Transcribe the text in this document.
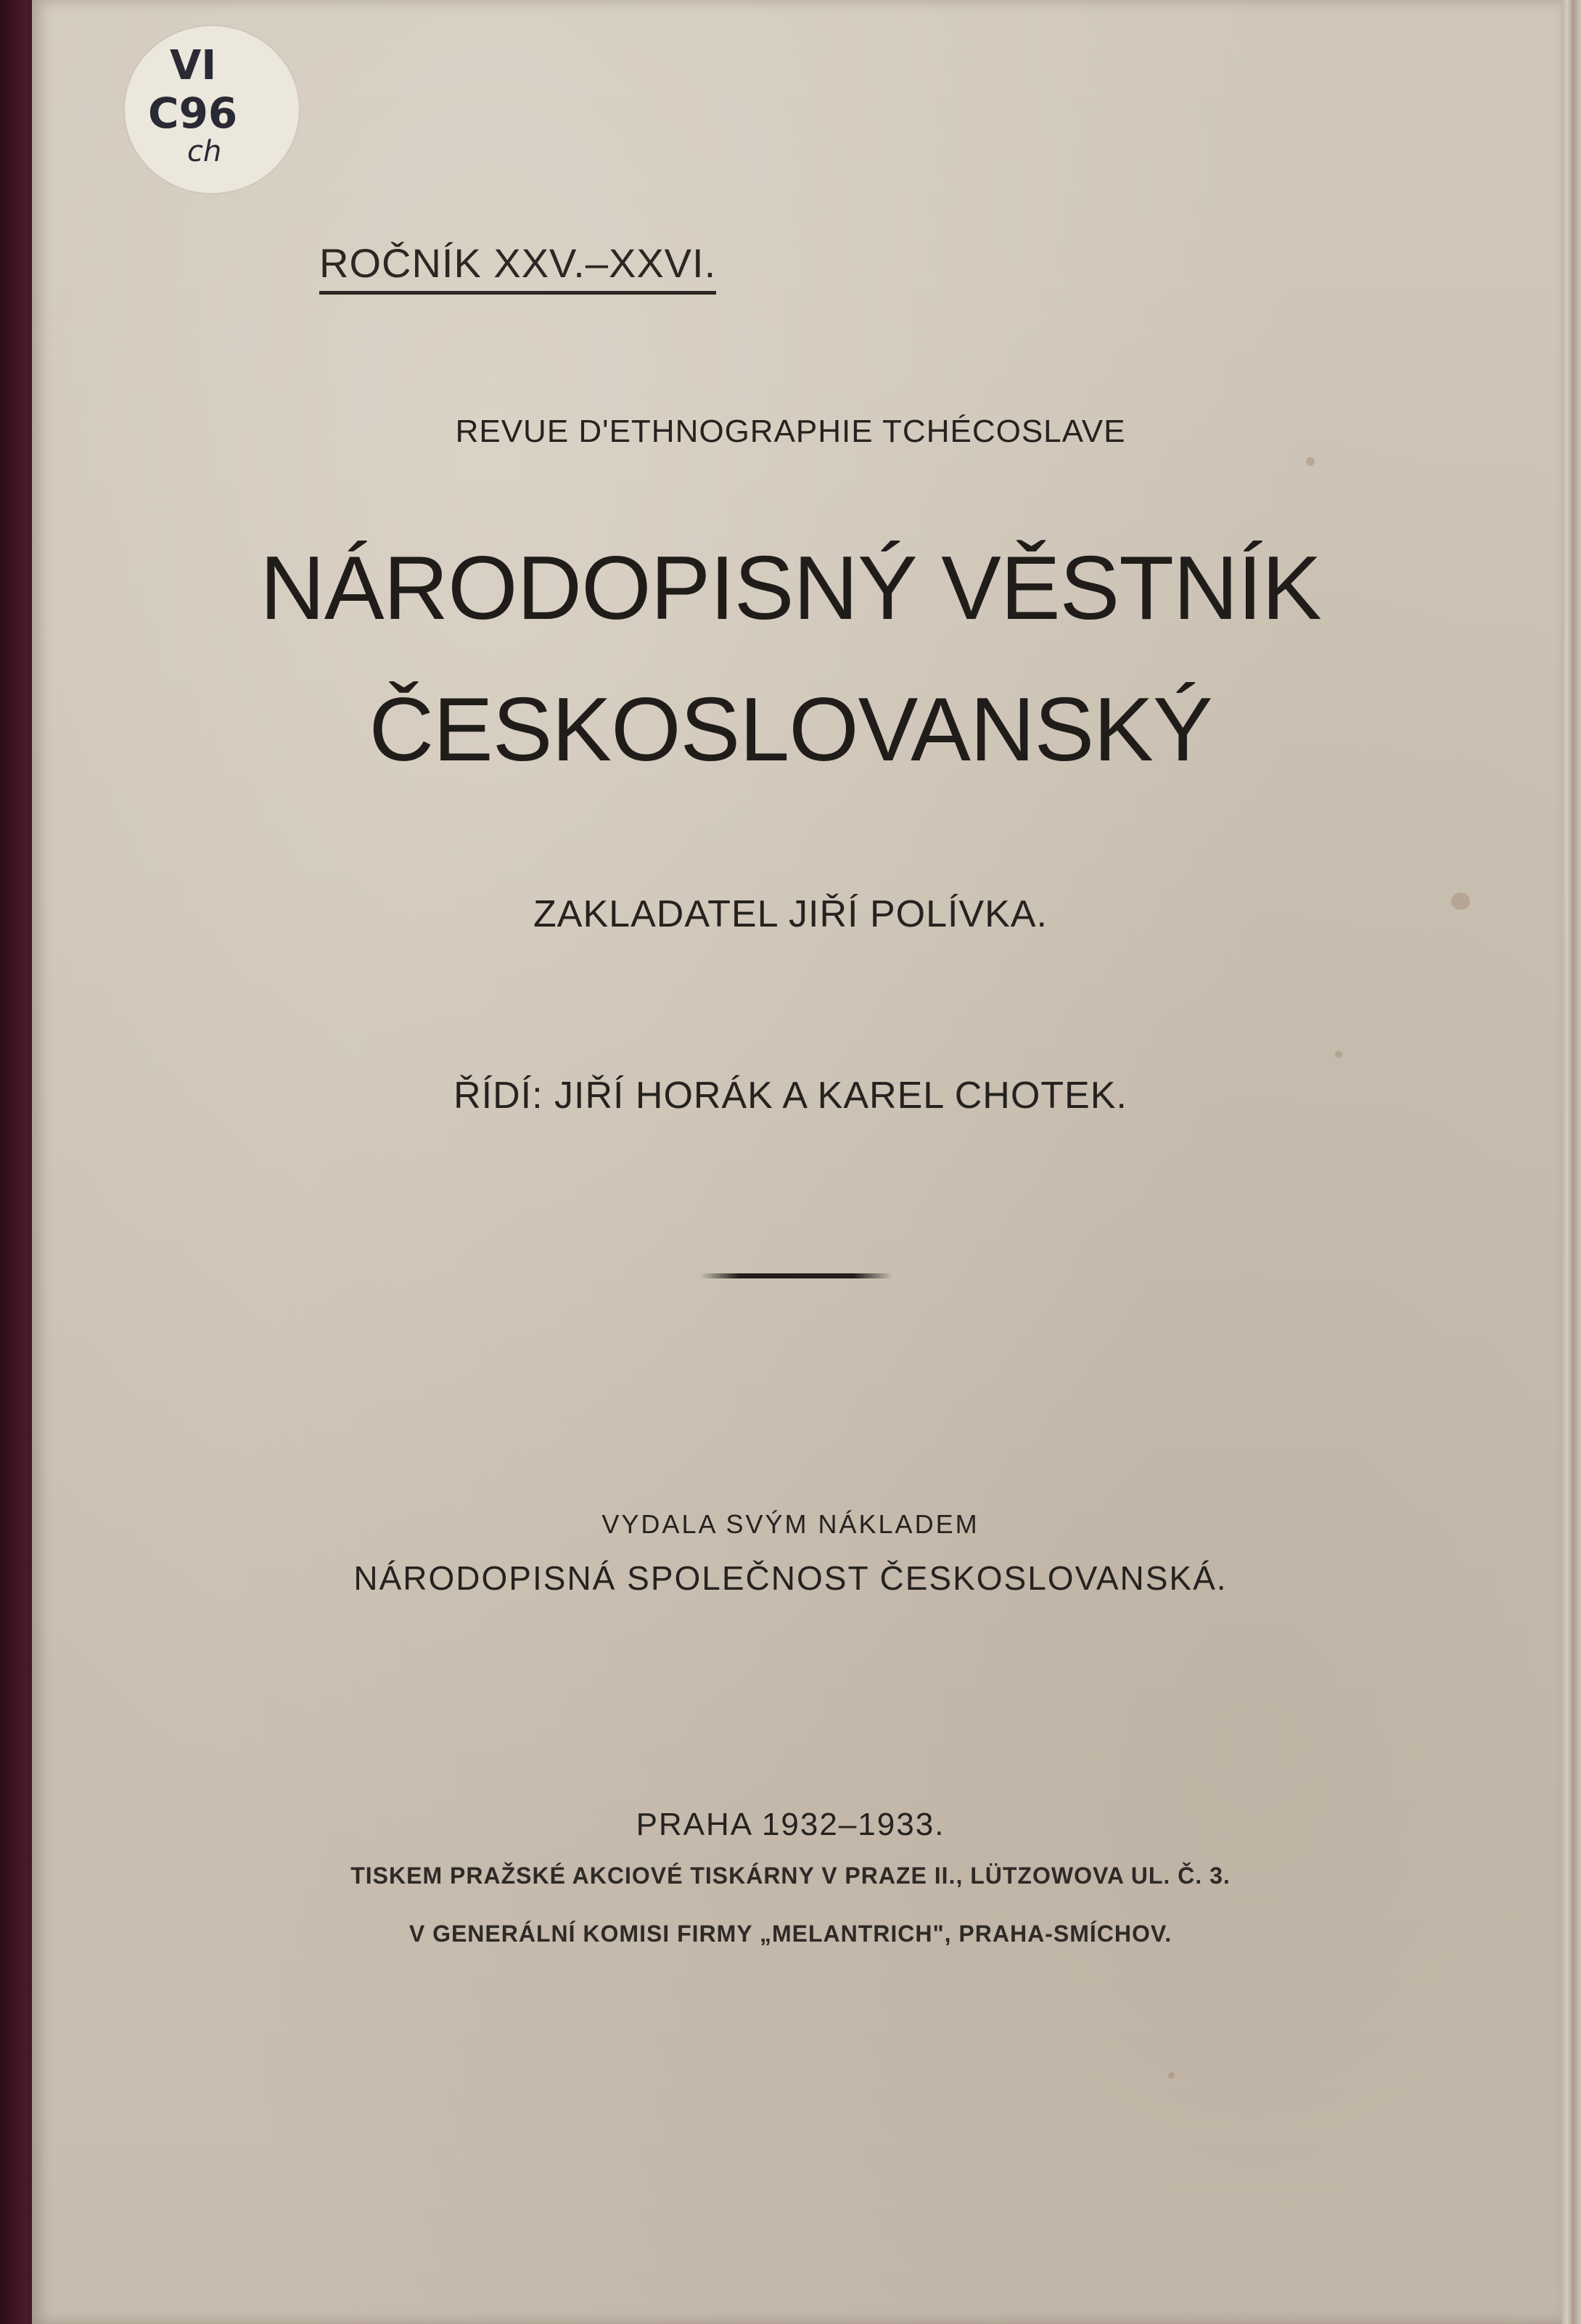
VI
C96
ch
ROČNÍK XXV.–XXVI.
REVUE D'ETHNOGRAPHIE TCHÉCOSLAVE
NÁRODOPISNÝ VĚSTNÍK
ČESKOSLOVANSKÝ
ZAKLADATEL JIŘÍ POLÍVKA.
ŘÍDÍ: JIŘÍ HORÁK A KAREL CHOTEK.
VYDALA SVÝM NÁKLADEM
NÁRODOPISNÁ SPOLEČNOST ČESKOSLOVANSKÁ.
PRAHA 1932–1933.
TISKEM PRAŽSKÉ AKCIOVÉ TISKÁRNY V PRAZE II., LÜTZOWOVA UL. Č. 3.
V GENERÁLNÍ KOMISI FIRMY „MELANTRICH", PRAHA-SMÍCHOV.
